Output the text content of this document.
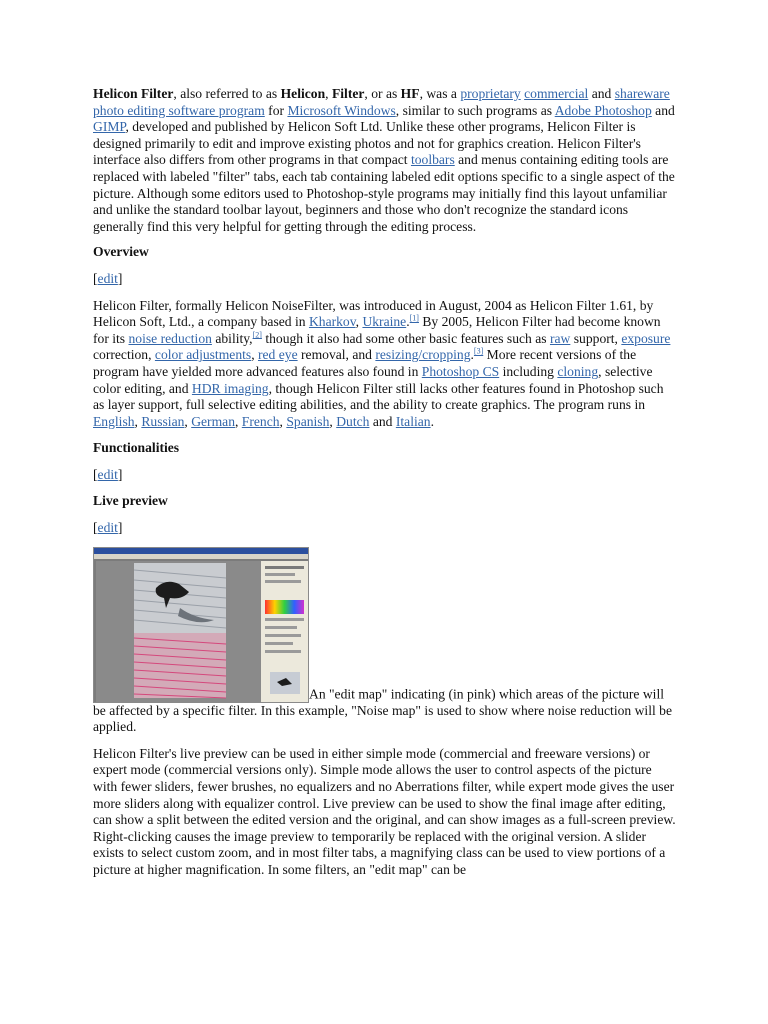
Helicon Filter, also referred to as Helicon, Filter, or as HF, was a proprietary commercial and shareware photo editing software program for Microsoft Windows, similar to such programs as Adobe Photoshop and GIMP, developed and published by Helicon Soft Ltd. Unlike these other programs, Helicon Filter is designed primarily to edit and improve existing photos and not for graphics creation. Helicon Filter's interface also differs from other programs in that compact toolbars and menus containing editing tools are replaced with labeled "filter" tabs, each tab containing labeled edit options specific to a single aspect of the picture. Although some editors used to Photoshop-style programs may initially find this layout unfamiliar and unlike the standard toolbar layout, beginners and those who don't recognize the standard icons generally find this very helpful for getting through the editing process.

Overview

[edit]

Helicon Filter, formally Helicon NoiseFilter, was introduced in August, 2004 as Helicon Filter 1.61, by Helicon Soft, Ltd., a company based in Kharkov, Ukraine.[1] By 2005, Helicon Filter had become known for its noise reduction ability,[2] though it also had some other basic features such as raw support, exposure correction, color adjustments, red eye removal, and resizing/cropping.[3] More recent versions of the program have yielded more advanced features also found in Photoshop CS including cloning, selective color editing, and HDR imaging, though Helicon Filter still lacks other features found in Photoshop such as layer support, full selective editing abilities, and the ability to create graphics. The program runs in English, Russian, German, French, Spanish, Dutch and Italian.

Functionalities

[edit]

Live preview

[edit]

An "edit map" indicating (in pink) which areas of the picture will be affected by a specific filter. In this example, "Noise map" is used to show where noise reduction will be applied.

Helicon Filter's live preview can be used in either simple mode (commercial and freeware versions) or expert mode (commercial versions only). Simple mode allows the user to control aspects of the picture with fewer sliders, fewer brushes, no equalizers and no Aberrations filter, while expert mode gives the user more sliders along with equalizer control. Live preview can be used to show the final image after editing, can show a split between the edited version and the original, and can show images as a full-screen preview. Right-clicking causes the image preview to temporarily be replaced with the original version. A slider exists to select custom zoom, and in most filter tabs, a magnifying class can be used to view portions of a picture at higher magnification. In some filters, an "edit map" can be
